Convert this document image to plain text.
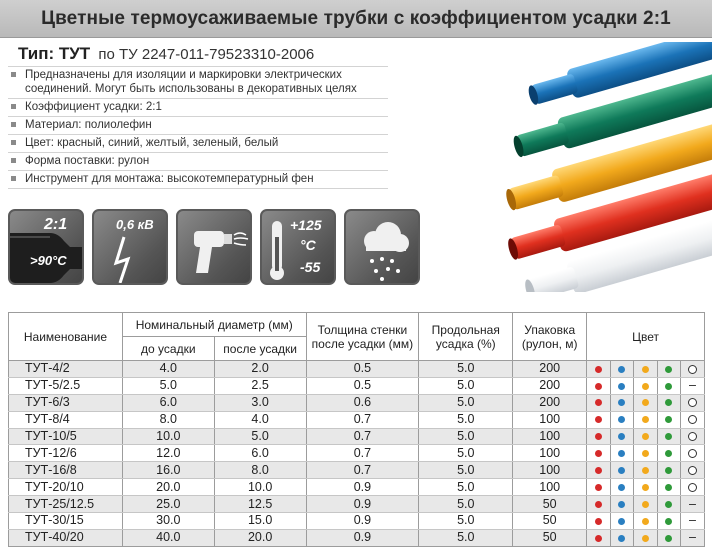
Цветные термоусаживаемые трубки с коэффициентом усадки 2:1
Тип: ТУТ по ТУ 2247-011-79523310-2006
Предназначены для изоляции и маркировки электрических соединений. Могут быть использованы в декоративных целях
Коэффициент усадки: 2:1
Материал: полиолефин
Цвет: красный, синий, желтый, зеленый, белый
Форма поставки: рулон
Инструмент для монтажа: высокотемпературный фен
2:1
>90°C
0,6 кВ	+125
°C
-55
Наименование	Номинальный диаметр (мм)		Толщина стенки после усадки (мм)	Продольная усадка (%)	Упаковка (рулон, м)	Цвет				
	до усадки	после усадки								
ТУТ-4/2	4.0	2.0	0.5	5.0	200					
ТУТ-5/2.5	5.0	2.5	0.5	5.0	200					–
ТУТ-6/3	6.0	3.0	0.6	5.0	200					
ТУТ-8/4	8.0	4.0	0.7	5.0	100					
ТУТ-10/5	10.0	5.0	0.7	5.0	100					
ТУТ-12/6	12.0	6.0	0.7	5.0	100					
ТУТ-16/8	16.0	8.0	0.7	5.0	100					
ТУТ-20/10	20.0	10.0	0.9	5.0	100					
ТУТ-25/12.5	25.0	12.5	0.9	5.0	50					–
ТУТ-30/15	30.0	15.0	0.9	5.0	50					–
ТУТ-40/20	40.0	20.0	0.9	5.0	50					–
